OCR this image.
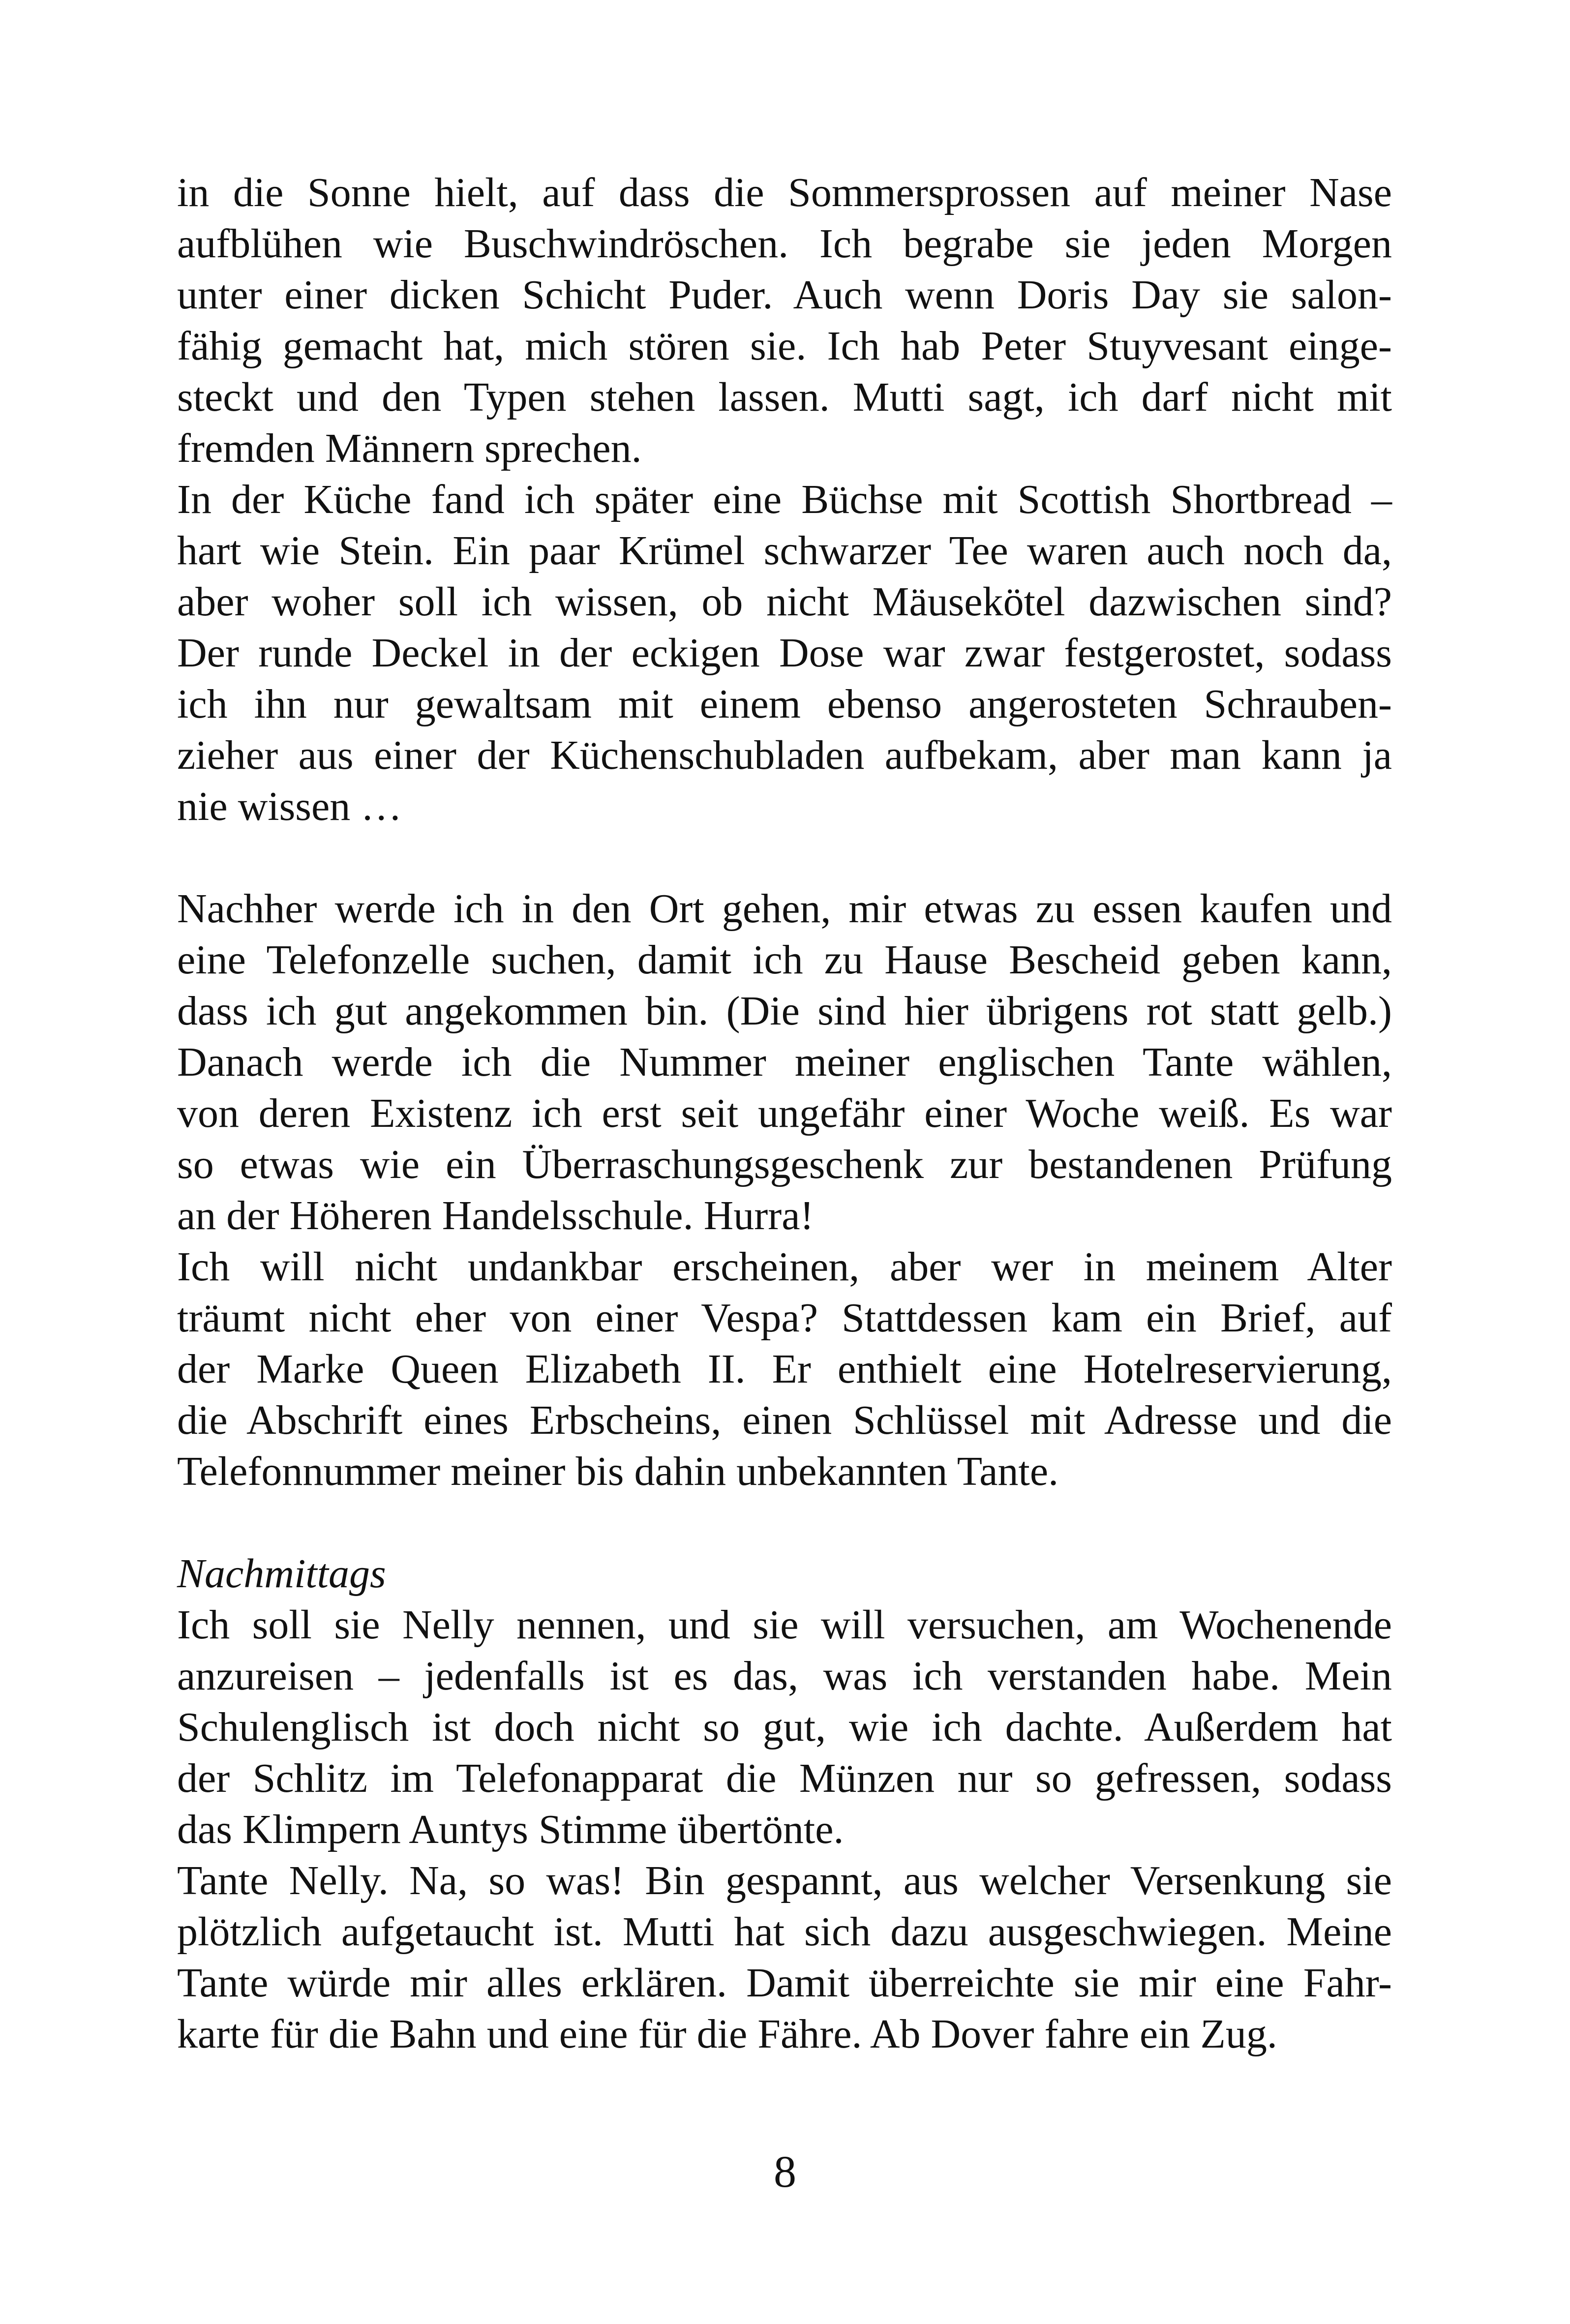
in die Sonne hielt, auf dass die Sommersprossen auf meiner Nase
aufblühen wie Buschwindröschen. Ich begrabe sie jeden Morgen
unter einer dicken Schicht Puder. Auch wenn Doris Day sie salon-
fähig gemacht hat, mich stören sie. Ich hab Peter Stuyvesant einge-
steckt und den Typen stehen lassen. Mutti sagt, ich darf nicht mit
fremden Männern sprechen.

In der Küche fand ich später eine Büchse mit Scottish Shortbread –
hart wie Stein. Ein paar Krümel schwarzer Tee waren auch noch da,
aber woher soll ich wissen, ob nicht Mäusekötel dazwischen sind?
Der runde Deckel in der eckigen Dose war zwar festgerostet, sodass
ich ihn nur gewaltsam mit einem ebenso angerosteten Schrauben-
zieher aus einer der Küchenschubladen aufbekam, aber man kann ja
nie wissen …

Nachher werde ich in den Ort gehen, mir etwas zu essen kaufen und
eine Telefonzelle suchen, damit ich zu Hause Bescheid geben kann,
dass ich gut angekommen bin. (Die sind hier übrigens rot statt gelb.)
Danach werde ich die Nummer meiner englischen Tante wählen,
von deren Existenz ich erst seit ungefähr einer Woche weiß. Es war
so etwas wie ein Überraschungsgeschenk zur bestandenen Prüfung
an der Höheren Handelsschule. Hurra!

Ich will nicht undankbar erscheinen, aber wer in meinem Alter
träumt nicht eher von einer Vespa? Stattdessen kam ein Brief, auf
der Marke Queen Elizabeth II. Er enthielt eine Hotelreservierung,
die Abschrift eines Erbscheins, einen Schlüssel mit Adresse und die
Telefonnummer meiner bis dahin unbekannten Tante.

Nachmittags

Ich soll sie Nelly nennen, und sie will versuchen, am Wochenende
anzureisen – jedenfalls ist es das, was ich verstanden habe. Mein
Schulenglisch ist doch nicht so gut, wie ich dachte. Außerdem hat
der Schlitz im Telefonapparat die Münzen nur so gefressen, sodass
das Klimpern Auntys Stimme übertönte.

Tante Nelly. Na, so was! Bin gespannt, aus welcher Versenkung sie
plötzlich aufgetaucht ist. Mutti hat sich dazu ausgeschwiegen. Meine
Tante würde mir alles erklären. Damit überreichte sie mir eine Fahr-
karte für die Bahn und eine für die Fähre. Ab Dover fahre ein Zug.

8
